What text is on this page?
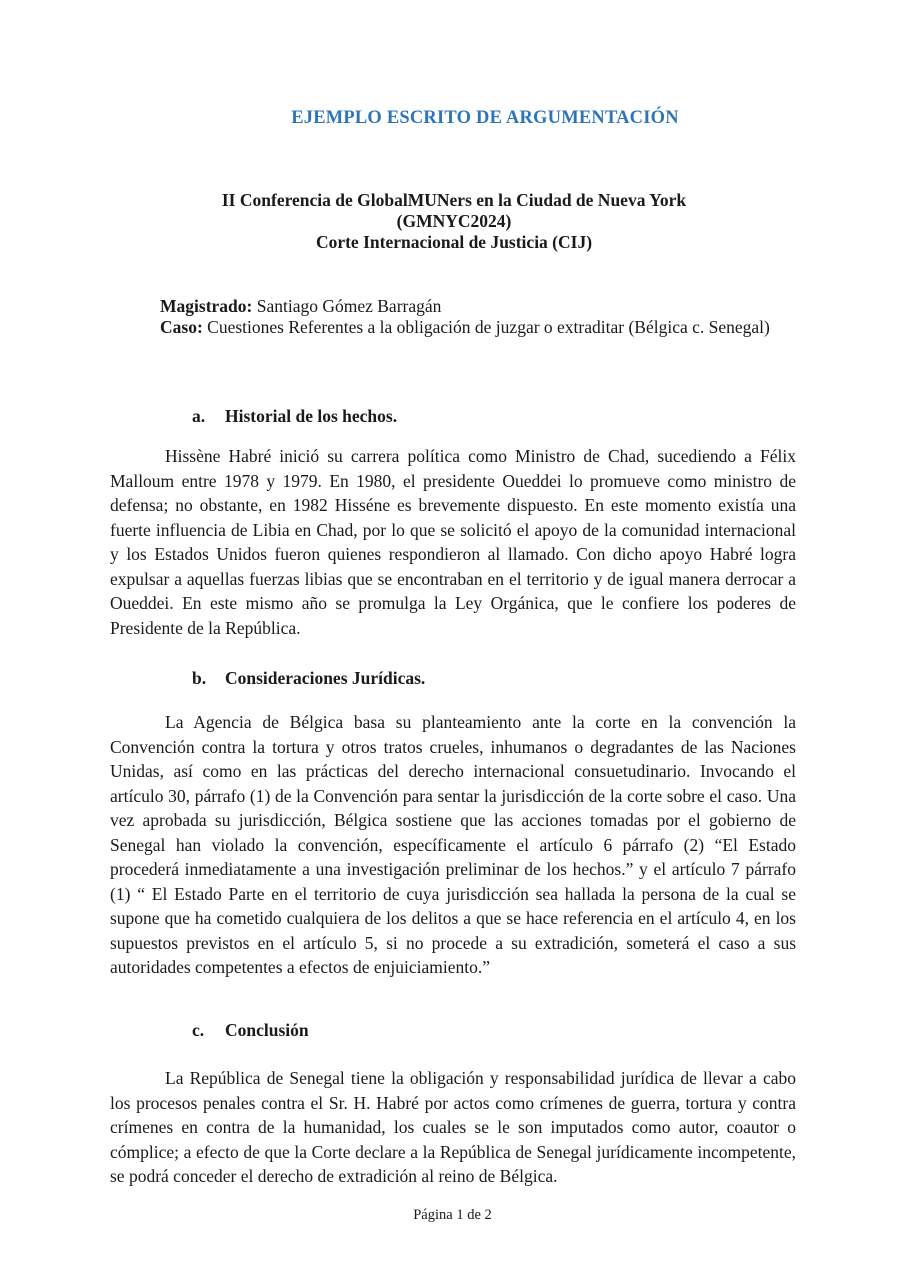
EJEMPLO ESCRITO DE ARGUMENTACIÓN
II Conferencia de GlobalMUNers en la Ciudad de Nueva York
(GMNYC2024)
Corte Internacional de Justicia (CIJ)
Magistrado: Santiago Gómez Barragán
Caso: Cuestiones Referentes a la obligación de juzgar o extraditar (Bélgica c. Senegal)
a. Historial de los hechos.
Hissène Habré inició su carrera política como Ministro de Chad, sucediendo a Félix Malloum entre 1978 y 1979. En 1980, el presidente Oueddei lo promueve como ministro de defensa; no obstante, en 1982 Hisséne es brevemente dispuesto. En este momento existía una fuerte influencia de Libia en Chad, por lo que se solicitó el apoyo de la comunidad internacional y los Estados Unidos fueron quienes respondieron al llamado. Con dicho apoyo Habré logra expulsar a aquellas fuerzas libias que se encontraban en el territorio y de igual manera derrocar a Oueddei. En este mismo año se promulga la Ley Orgánica, que le confiere los poderes de Presidente de la República.
b. Consideraciones Jurídicas.
La Agencia de Bélgica basa su planteamiento ante la corte en la convención la Convención contra la tortura y otros tratos crueles, inhumanos o degradantes de las Naciones Unidas, así como en las prácticas del derecho internacional consuetudinario. Invocando el artículo 30, párrafo (1) de la Convención para sentar la jurisdicción de la corte sobre el caso. Una vez aprobada su jurisdicción, Bélgica sostiene que las acciones tomadas por el gobierno de Senegal han violado la convención, específicamente el artículo 6 párrafo (2) “El Estado procederá inmediatamente a una investigación preliminar de los hechos.” y el artículo 7 párrafo (1) “ El Estado Parte en el territorio de cuya jurisdicción sea hallada la persona de la cual se supone que ha cometido cualquiera de los delitos a que se hace referencia en el artículo 4, en los supuestos previstos en el artículo 5, si no procede a su extradición, someterá el caso a sus autoridades competentes a efectos de enjuiciamiento.”
c. Conclusión
La República de Senegal tiene la obligación y responsabilidad jurídica de llevar a cabo los procesos penales contra el Sr. H. Habré por actos como crímenes de guerra, tortura y contra crímenes en contra de la humanidad, los cuales se le son imputados como autor, coautor o cómplice; a efecto de que la Corte declare a la República de Senegal jurídicamente incompetente, se podrá conceder el derecho de extradición al reino de Bélgica.
Página 1 de 2
